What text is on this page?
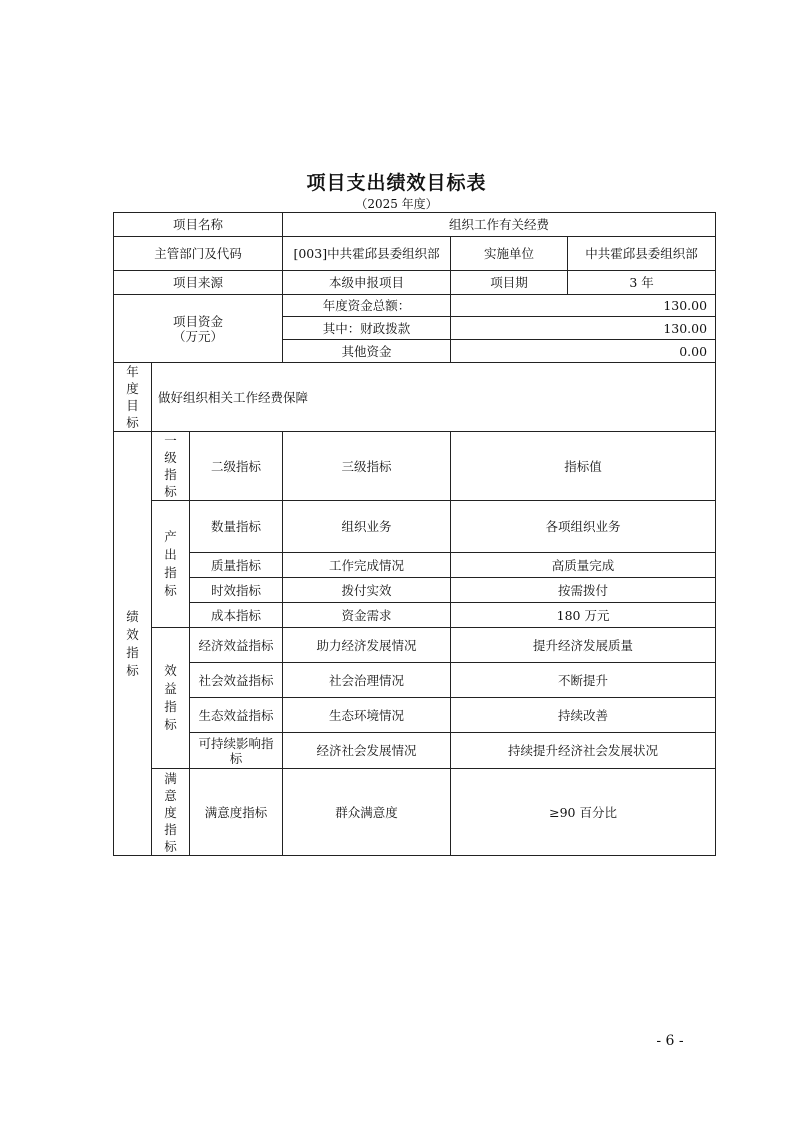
项目支出绩效目标表
（2025 年度）
项目名称			组织工作有关经费		
主管部门及代码			[003]中共霍邱县委组织部	实施单位	中共霍邱县委组织部
项目来源			本级申报项目	项目期	3 年

项目资金
（万元）			年度资金总额：	130.00	
			其中：财政拨款	130.00	
			其他资金	0.00	

年度目标	做好组织相关工作经费保障				

绩效指标	一级指标	二级指标	三级指标	指标值	

	产出指标	数量指标	组织业务	各项组织业务	
		质量指标	工作完成情况	高质量完成	
		时效指标	拨付实效	按需拨付	
		成本指标	资金需求	180 万元	

	效益指标	经济效益指标	助力经济发展情况	提升经济发展质量	
		社会效益指标	社会治理情况	不断提升	
		生态效益指标	生态环境情况	持续改善	
		可持续影响指标	经济社会发展情况	持续提升经济社会发展状况	

	满意度指标	满意度指标	群众满意度	≥90 百分比	
- 6 -
